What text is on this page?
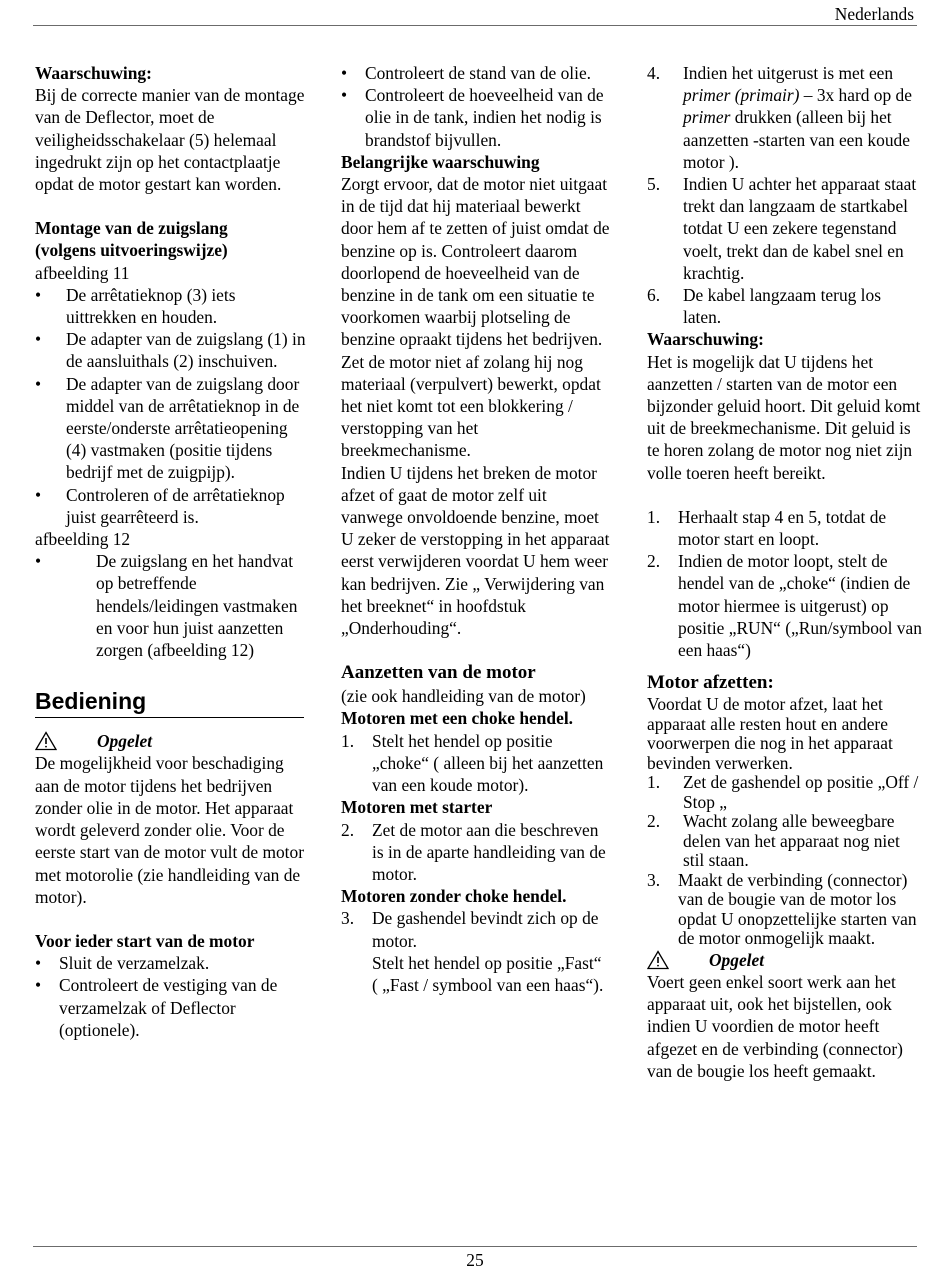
Nederlands

Waarschuwing:

Bij de correcte manier van de montage van de Deflector, moet de veiligheidsschakelaar (5) helemaal ingedrukt zijn op het contactplaatje opdat de motor gestart kan worden.

Montage van de zuigslang

(volgens uitvoeringswijze)

afbeelding 11

• De arrêtatieknop (3) iets uittrekken en houden.

• De adapter van de zuigslang (1) in de aansluithals (2) inschuiven.

• De adapter van de zuigslang door middel van de arrêtatieknop in de eerste/onderste arrêtatieopening (4) vastmaken (positie tijdens bedrijf met de zuigpijp).

• Controleren of de arrêtatieknop juist gearrêteerd is.

afbeelding 12

• De zuigslang en het handvat op betreffende hendels/leidingen vastmaken en voor hun juist aanzetten zorgen (afbeelding 12)

Bediening
Opgelet

De mogelijkheid voor beschadiging aan de motor tijdens het bedrijven zonder olie in de motor. Het apparaat wordt geleverd zonder olie. Voor de eerste start van de motor vult de motor met motorolie (zie handleiding van de motor).

Voor ieder start van de motor

• Sluit de verzamelzak.

• Controleert de vestiging van de verzamelzak of Deflector (optionele).

• Controleert de stand van de olie.

• Controleert de hoeveelheid van de olie in de tank, indien het nodig is brandstof bijvullen.

Belangrijke waarschuwing

Zorgt ervoor, dat de motor niet uitgaat in de tijd dat hij materiaal bewerkt door hem af te zetten of juist omdat de benzine op is. Controleert daarom doorlopend de hoeveelheid van de benzine in de tank om een situatie te voorkomen waarbij plotseling de benzine opraakt tijdens het bedrijven. Zet de motor niet af zolang hij nog materiaal (verpulvert) bewerkt, opdat het niet komt tot een blokkering / verstopping van het breekmechanisme.

Indien U tijdens het breken de motor afzet of gaat de motor zelf uit vanwege onvoldoende benzine, moet U zeker de verstopping in het apparaat eerst verwijderen voordat U hem weer kan bedrijven. Zie „ Verwijdering van het breeknet“ in hoofdstuk „Onderhouding“.

Aanzetten van de motor

(zie ook handleiding van de motor)

Motoren met een choke hendel.

1. Stelt het hendel op positie „choke“ ( alleen bij het aanzetten van een koude motor).

Motoren met starter

2. Zet de motor aan die beschreven is in de aparte handleiding van de motor.

Motoren zonder choke hendel.

3. De gashendel bevindt zich op de motor.

Stelt het hendel op positie „Fast“ ( „Fast / symbool van een haas“).

4. Indien het uitgerust is met een primer (primair) – 3x hard op de primer drukken (alleen bij het aanzetten -starten van een koude motor ).
5. Indien U achter het apparaat staat trekt dan langzaam de startkabel totdat U een zekere tegenstand voelt, trekt dan de kabel snel en krachtig.
6. De kabel langzaam terug los laten.

Waarschuwing:

Het is mogelijk dat U tijdens het aanzetten / starten van de motor een bijzonder geluid hoort. Dit geluid komt uit de breekmechanisme. Dit geluid is te horen zolang de motor nog niet zijn volle toeren heeft bereikt.

1. Herhaalt stap 4 en 5, totdat de motor start en loopt.
2. Indien de motor loopt, stelt de hendel van de „choke“ (indien de motor hiermee is uitgerust) op positie „RUN“ („Run/symbool van een haas“)

Motor afzetten:

Voordat U de motor afzet, laat het apparaat alle resten hout en andere voorwerpen die nog in het apparaat bevinden verwerken.

1. Zet de gashendel op positie „Off / Stop „
2. Wacht zolang alle beweegbare delen van het apparaat nog niet stil staan.
3. Maakt de verbinding (connector) van de bougie van de motor los opdat U onopzettelijke starten van de motor onmogelijk maakt.
Opgelet

Voert geen enkel soort werk aan het apparaat uit, ook het bijstellen, ook indien U voordien de motor heeft afgezet en de verbinding (connector) van de bougie los heeft gemaakt.

25
